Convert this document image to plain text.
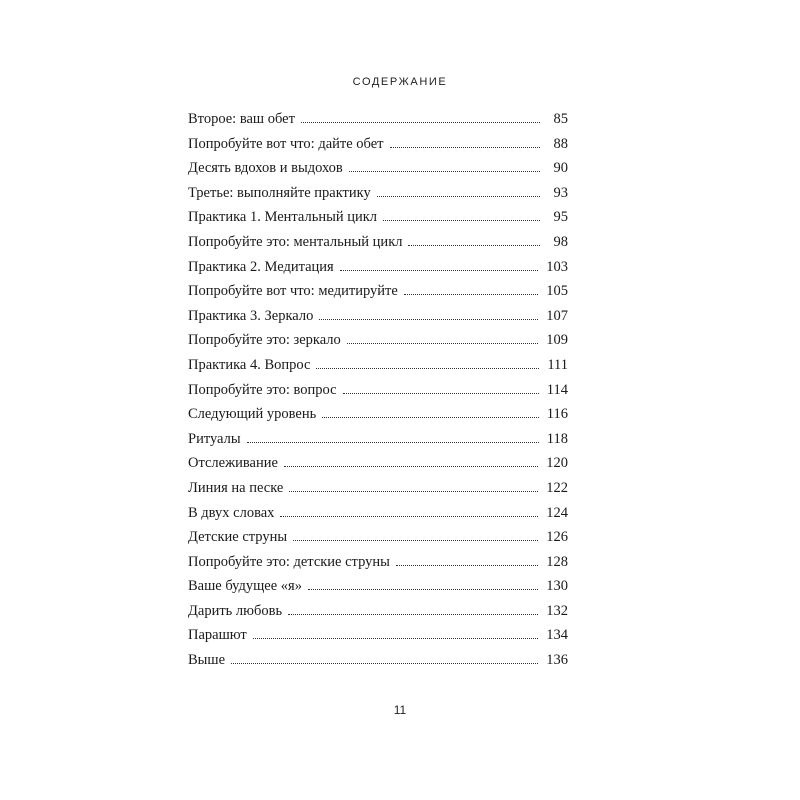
СОДЕРЖАНИЕ
Второе: ваш обет	85
Попробуйте вот что: дайте обет	88
Десять вдохов и выдохов	90
Третье: выполняйте практику	93
Практика 1. Ментальный цикл	95
Попробуйте это: ментальный цикл	98
Практика 2. Медитация	103
Попробуйте вот что: медитируйте	105
Практика 3. Зеркало	107
Попробуйте это: зеркало	109
Практика 4. Вопрос	111
Попробуйте это: вопрос	114
Следующий уровень	116
Ритуалы	118
Отслеживание	120
Линия на песке	122
В двух словах	124
Детские струны	126
Попробуйте это: детские струны	128
Ваше будущее «я»	130
Дарить любовь	132
Парашют	134
Выше	136
11
